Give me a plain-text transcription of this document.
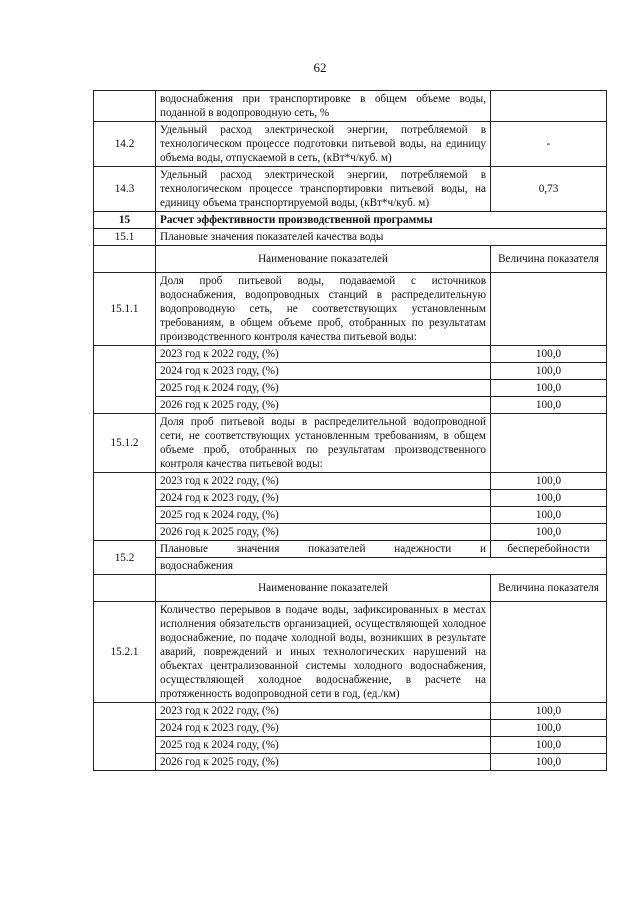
62
	водоснабжения при транспортировке в общем объеме воды, поданной в водопроводную сеть, %	
14.2	Удельный расход электрической энергии, потребляемой в технологическом процессе подготовки питьевой воды, на единицу объема воды, отпускаемой в сеть, (кВт*ч/куб. м)	-
14.3	Удельный расход электрической энергии, потребляемой в технологическом процессе транспортировки питьевой воды, на единицу объема транспортируемой воды, (кВт*ч/куб. м)	0,73
15	Расчет эффективности производственной программы	
15.1	Плановые значения показателей качества воды	
	Наименование показателей	Величина показателя
15.1.1	Доля проб питьевой воды, подаваемой с источников водоснабжения, водопроводных станций в распределительную водопроводную сеть, не соответствующих установленным требованиям, в общем объеме проб, отобранных по результатам производственного контроля качества питьевой воды:	
	2023 год к 2022 году, (%)	100,0
	2024 год к 2023 году, (%)	100,0
	2025 год к 2024 году, (%)	100,0
	2026 год к 2025 году, (%)	100,0
15.1.2	Доля проб питьевой воды в распределительной водопроводной сети, не соответствующих установленным требованиям, в общем объеме проб, отобранных по результатам производственного контроля качества питьевой воды:	
	2023 год к 2022 году, (%)	100,0
	2024 год к 2023 году, (%)	100,0
	2025 год к 2024 году, (%)	100,0
	2026 год к 2025 году, (%)	100,0
15.2	Плановые значения показателей надежности и	бесперебойности
	водоснабжения	
	Наименование показателей	Величина показателя
15.2.1	Количество перерывов в подаче воды, зафиксированных в местах исполнения обязательств организацией, осуществляющей холодное водоснабжение, по подаче холодной воды, возникших в результате аварий, повреждений и иных технологических нарушений на объектах централизованной системы холодного водоснабжения, осуществляющей холодное водоснабжение, в расчете на протяженность водопроводной сети в год, (ед./км)	
	2023 год к 2022 году, (%)	100,0
	2024 год к 2023 году, (%)	100,0
	2025 год к 2024 году, (%)	100,0
	2026 год к 2025 году, (%)	100,0
